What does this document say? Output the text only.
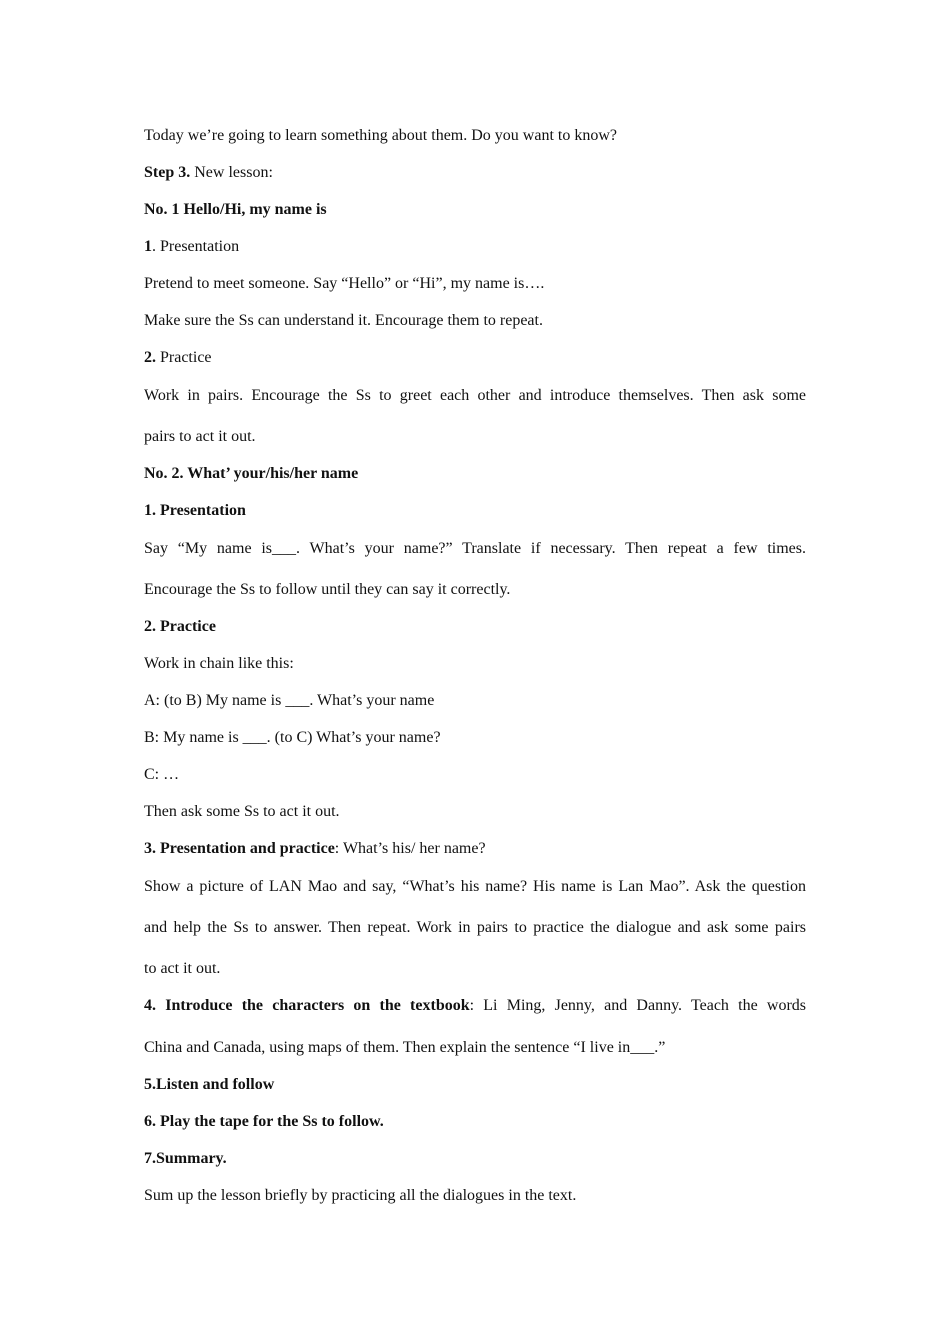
Today we’re going to learn something about them. Do you want to know?
Step 3. New lesson:
No. 1 Hello/Hi, my name is
1. Presentation
Pretend to meet someone. Say “Hello” or “Hi”, my name is….
Make sure the Ss can understand it. Encourage them to repeat.
2. Practice
Work in pairs. Encourage the Ss to greet each other and introduce themselves. Then ask some
pairs to act it out.
No. 2. What’ your/his/her name
1. Presentation
Say “My name is___. What’s your name?” Translate if necessary. Then repeat a few times.
Encourage the Ss to follow until they can say it correctly.
2. Practice
Work in chain like this:
A: (to B) My name is ___. What’s your name
B: My name is ___. (to C) What’s your name?
C: …
Then ask some Ss to act it out.
3. Presentation and practice: What’s his/ her name?
Show a picture of LAN Mao and say, “What’s his name? His name is Lan Mao”. Ask the question
and help the Ss to answer. Then repeat. Work in pairs to practice the dialogue and ask some pairs
to act it out.
4. Introduce the characters on the textbook: Li Ming, Jenny, and Danny. Teach the words
China and Canada, using maps of them. Then explain the sentence “I live in___.”
5.Listen and follow
6. Play the tape for the Ss to follow.
7.Summary.
Sum up the lesson briefly by practicing all the dialogues in the text.
